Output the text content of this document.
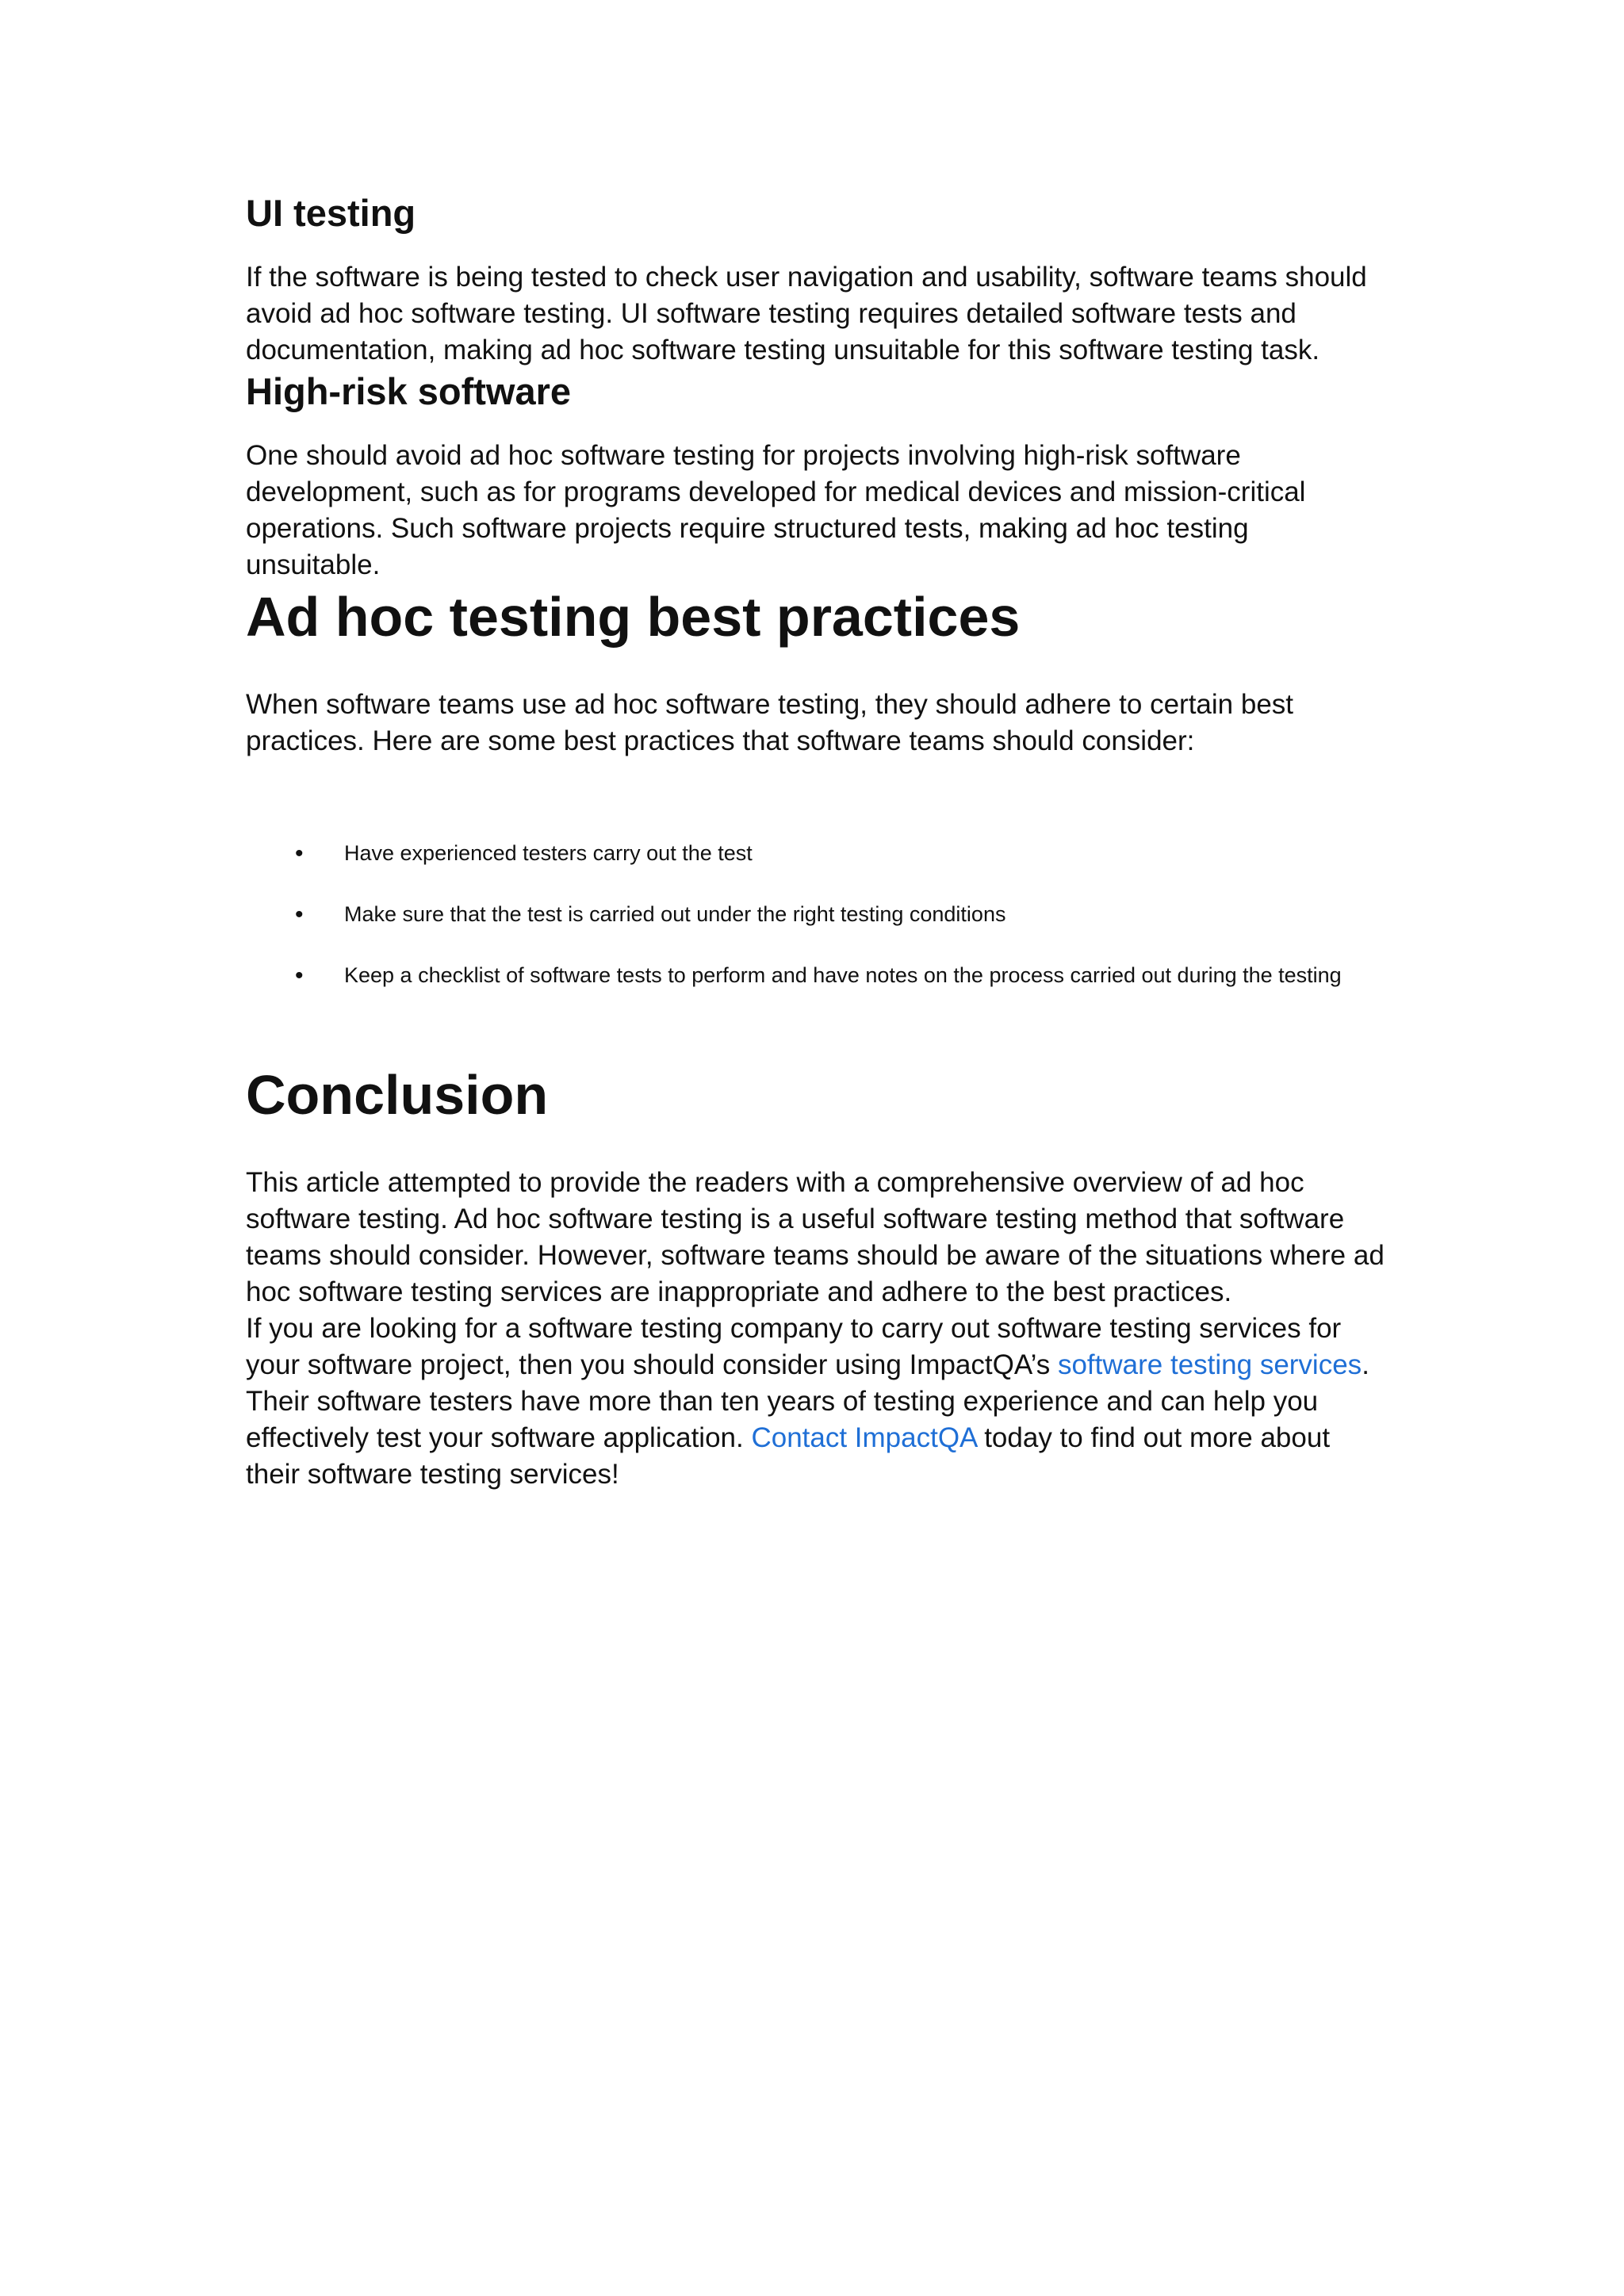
UI testing

If the software is being tested to check user navigation and usability, software teams should avoid ad hoc software testing. UI software testing requires detailed software tests and documentation, making ad hoc software testing unsuitable for this software testing task.

High-risk software

One should avoid ad hoc software testing for projects involving high-risk software development, such as for programs developed for medical devices and mission-critical operations. Such software projects require structured tests, making ad hoc testing unsuitable.

Ad hoc testing best practices

When software teams use ad hoc software testing, they should adhere to certain best practices. Here are some best practices that software teams should consider:

• Have experienced testers carry out the test
• Make sure that the test is carried out under the right testing conditions
• Keep a checklist of software tests to perform and have notes on the process carried out during the testing
Conclusion

This article attempted to provide the readers with a comprehensive overview of ad hoc software testing. Ad hoc software testing is a useful software testing method that software teams should consider. However, software teams should be aware of the situations where ad hoc software testing services are inappropriate and adhere to the best practices.

If you are looking for a software testing company to carry out software testing services for your software project, then you should consider using ImpactQA’s software testing services. Their software testers have more than ten years of testing experience and can help you effectively test your software application. Contact ImpactQA today to find out more about their software testing services!
